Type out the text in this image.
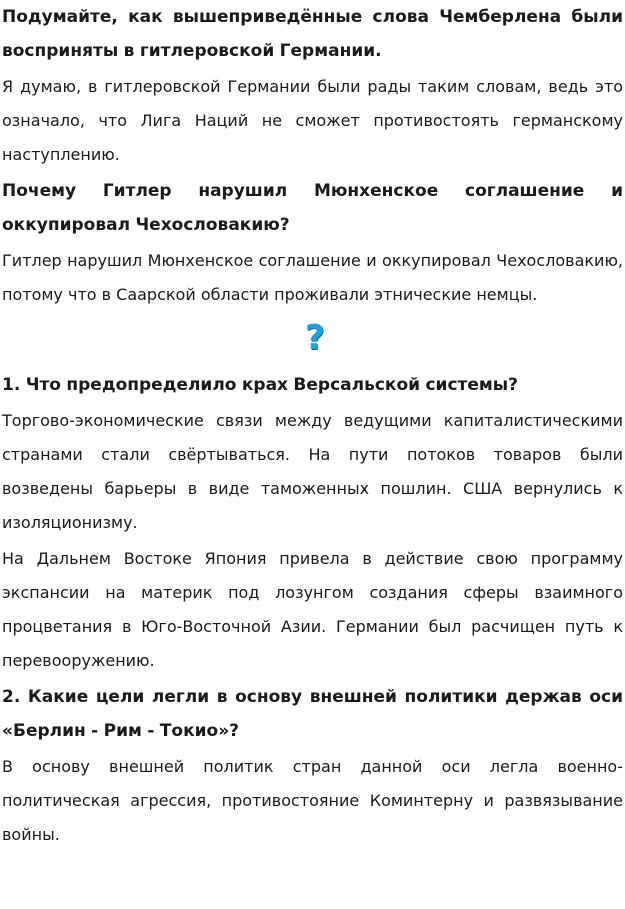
Подумайте, как вышеприведённые слова Чемберлена были восприняты в гитлеровской Германии.

Я думаю, в гитлеровской Германии были рады таким словам, ведь это означало, что Лига Наций не сможет противостоять германскому наступлению.

Почему Гитлер нарушил Мюнхенское соглашение и оккупировал Чехословакию?

Гитлер нарушил Мюнхенское соглашение и оккупировал Чехословакию, потому что в Саарской области проживали этнические немцы.

?

1. Что предопределило крах Версальской системы?

Торгово-экономические связи между ведущими капиталистическими странами стали свёртываться. На пути потоков товаров были возведены барьеры в виде таможенных пошлин. США вернулись к изоляционизму.

На Дальнем Востоке Япония привела в действие свою программу экспансии на материк под лозунгом создания сферы взаимного процветания в Юго-Восточной Азии. Германии был расчищен путь к перевооружению.

2. Какие цели легли в основу внешней политики держав оси «Берлин - Рим - Токио»?

В основу внешней политик стран данной оси легла военно-политическая агрессия, противостояние Коминтерну и развязывание войны.
